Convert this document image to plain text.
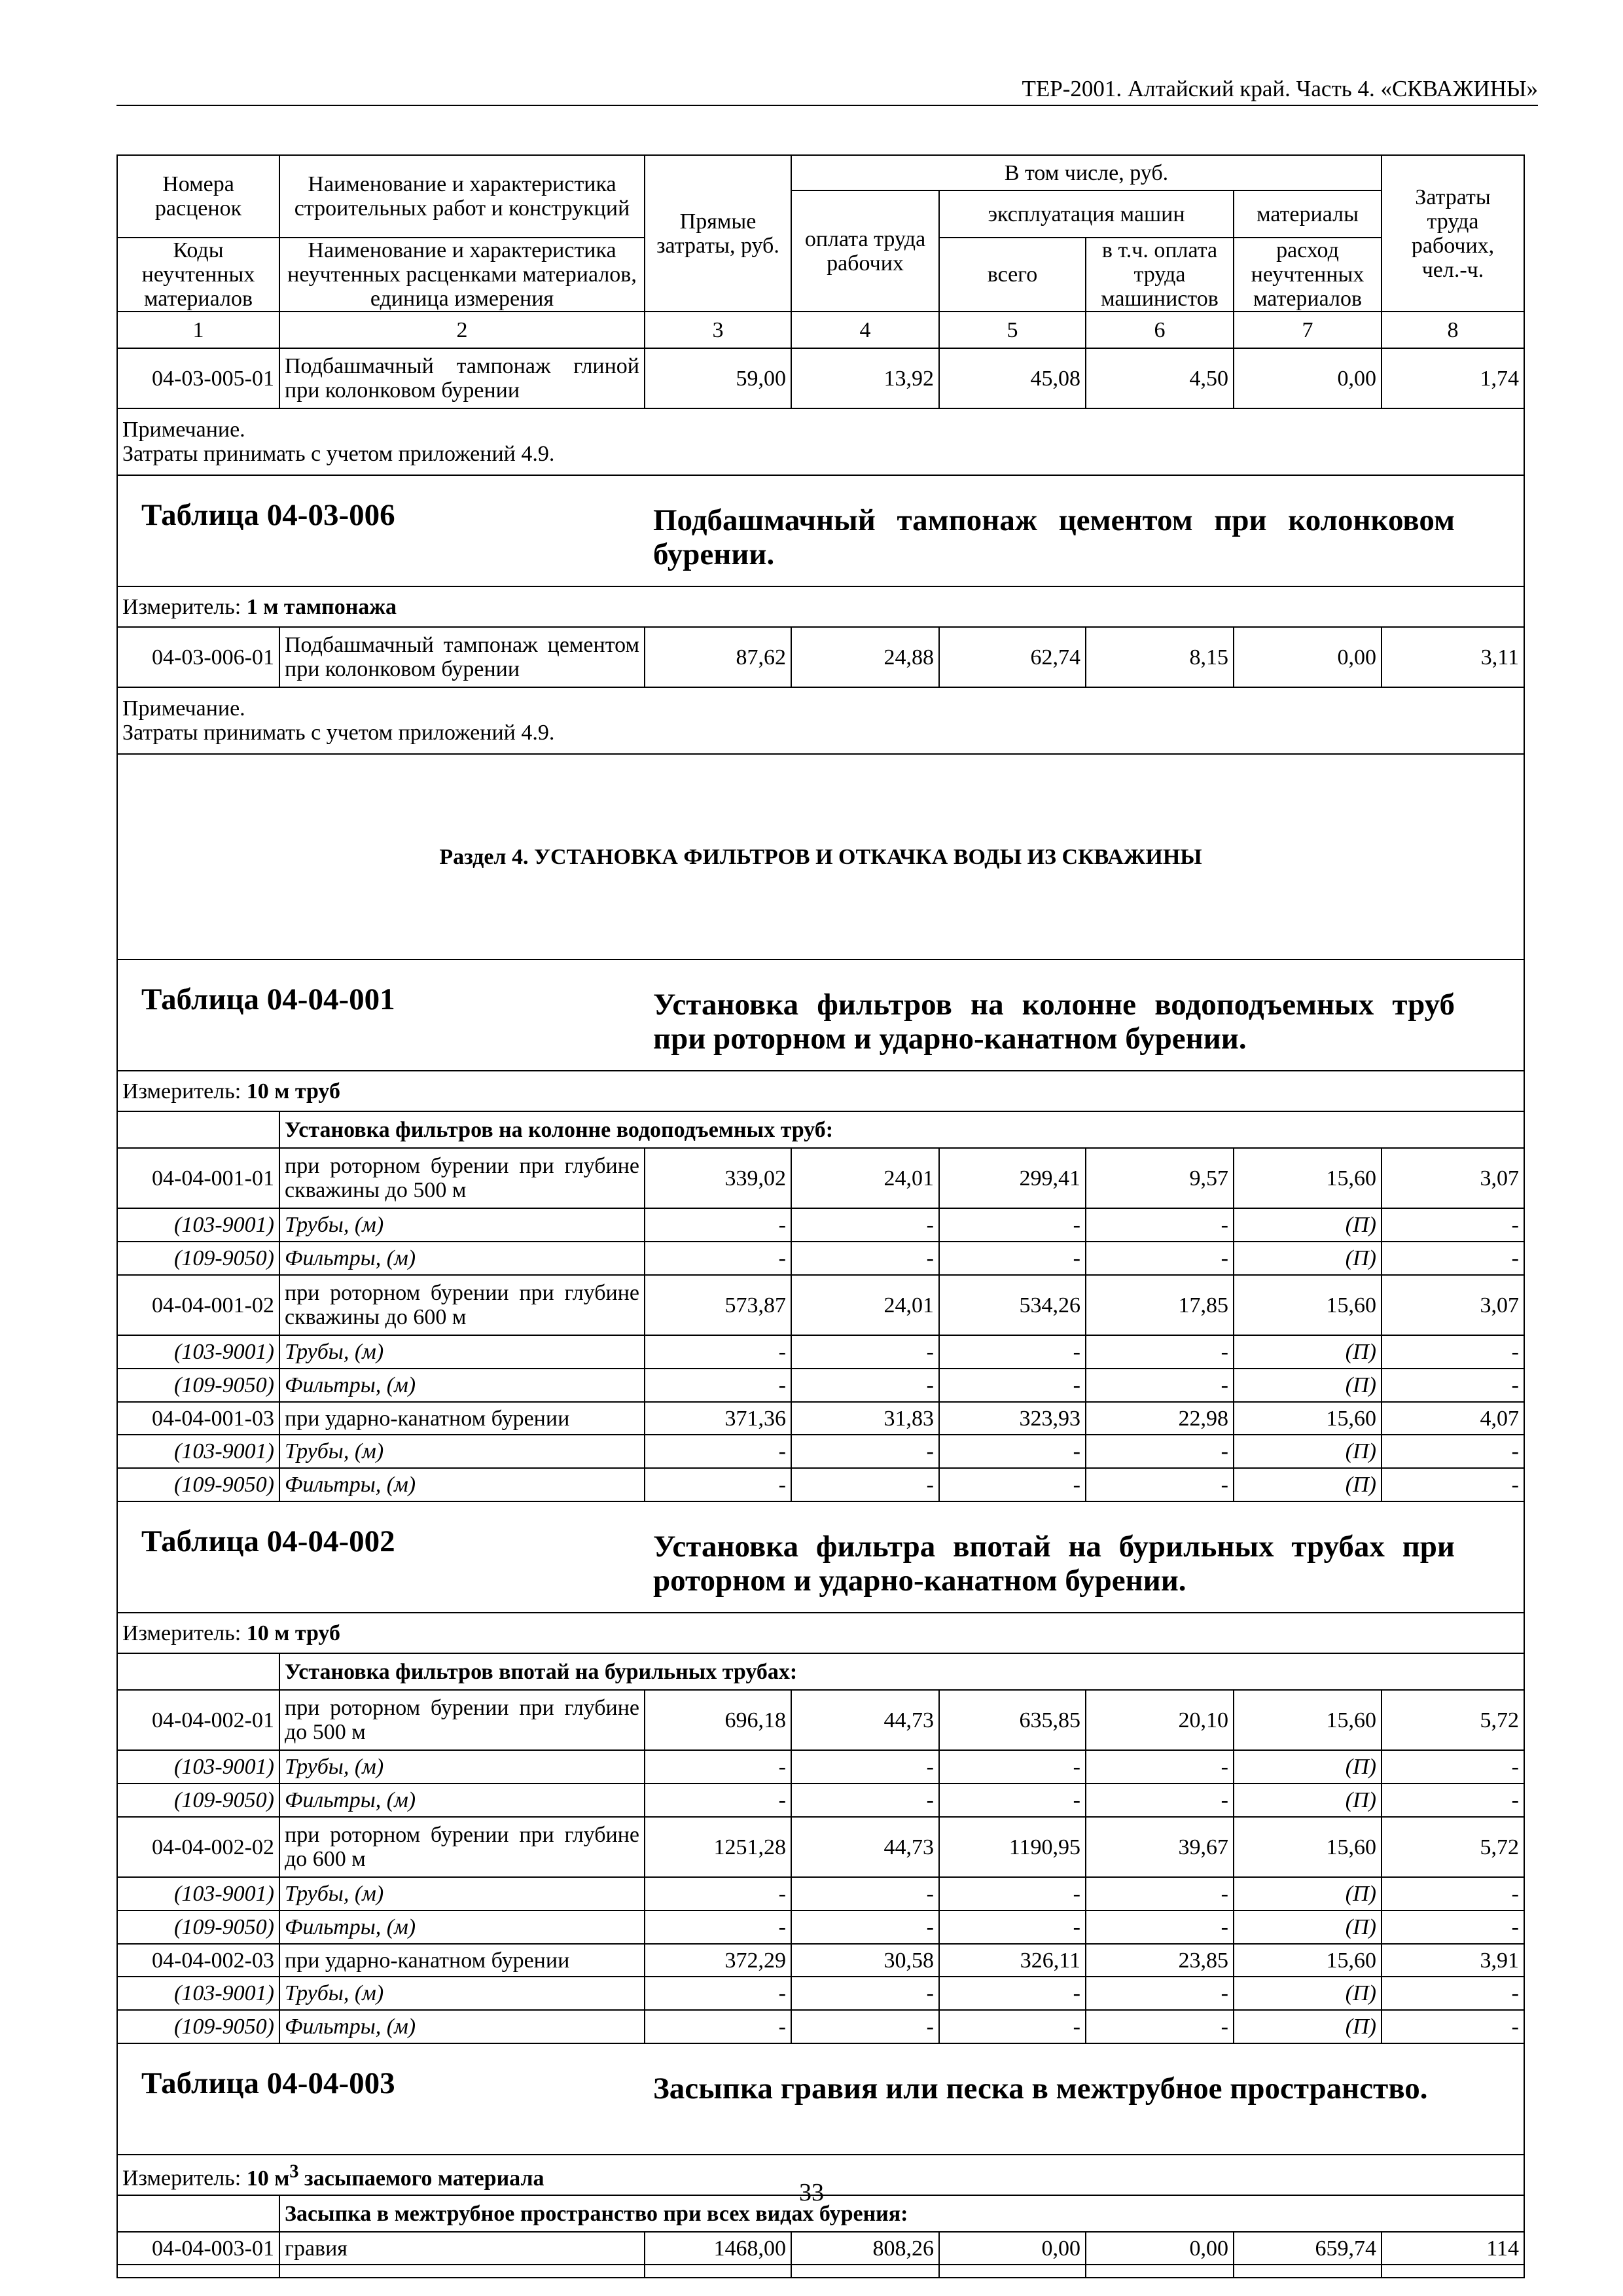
ТЕР-2001. Алтайский край. Часть 4. «СКВАЖИНЫ»
Номера расценок	Наименование и характеристика строительных работ и конструкций	Прямые затраты, руб.	В том числе, руб.				Затраты труда рабочих, чел.-ч.
			оплата труда рабочих	эксплуатация машин		материалы	
Коды неучтенных материалов	Наименование и характеристика неучтенных расценками материалов, единица измерения			всего	в т.ч. оплата труда машинистов	расход неучтенных материалов	
1	2	3	4	5	6	7	8
04-03-005-01	Подбашмачный тампонаж глиной при колонковом бурении	59,00	13,92	45,08	4,50	0,00	1,74

Примечание.
Затраты принимать с учетом приложений 4.9.							

Таблица 04-03-006 Подбашмачный тампонаж цементом при колонковом бурении.							

Измеритель: 1 м тампонажа							
04-03-006-01	Подбашмачный тампонаж цементом при колонковом бурении	87,62	24,88	62,74	8,15	0,00	3,11

Примечание.
Затраты принимать с учетом приложений 4.9.							

Раздел 4. УСТАНОВКА ФИЛЬТРОВ И ОТКАЧКА ВОДЫ ИЗ СКВАЖИНЫ							

Таблица 04-04-001 Установка фильтров на колонне водоподъемных труб при роторном и ударно-канатном бурении.							

Измеритель: 10 м труб							
	Установка фильтров на колонне водоподъемных труб:						
04-04-001-01	при роторном бурении при глубине скважины до 500 м	339,02	24,01	299,41	9,57	15,60	3,07
(103-9001)	Трубы, (м)	-	-	-	-	(П)	-
(109-9050)	Фильтры, (м)	-	-	-	-	(П)	-
04-04-001-02	при роторном бурении при глубине скважины до 600 м	573,87	24,01	534,26	17,85	15,60	3,07
(103-9001)	Трубы, (м)	-	-	-	-	(П)	-
(109-9050)	Фильтры, (м)	-	-	-	-	(П)	-
04-04-001-03	при ударно-канатном бурении	371,36	31,83	323,93	22,98	15,60	4,07
(103-9001)	Трубы, (м)	-	-	-	-	(П)	-
(109-9050)	Фильтры, (м)	-	-	-	-	(П)	-

Таблица 04-04-002 Установка фильтра впотай на бурильных трубах при роторном и ударно-канатном бурении.							

Измеритель: 10 м труб							
	Установка фильтров впотай на бурильных трубах:						
04-04-002-01	при роторном бурении при глубине до 500 м	696,18	44,73	635,85	20,10	15,60	5,72
(103-9001)	Трубы, (м)	-	-	-	-	(П)	-
(109-9050)	Фильтры, (м)	-	-	-	-	(П)	-
04-04-002-02	при роторном бурении при глубине до 600 м	1251,28	44,73	1190,95	39,67	15,60	5,72
(103-9001)	Трубы, (м)	-	-	-	-	(П)	-
(109-9050)	Фильтры, (м)	-	-	-	-	(П)	-
04-04-002-03	при ударно-канатном бурении	372,29	30,58	326,11	23,85	15,60	3,91
(103-9001)	Трубы, (м)	-	-	-	-	(П)	-
(109-9050)	Фильтры, (м)	-	-	-	-	(П)	-

Таблица 04-04-003 Засыпка гравия или песка в межтрубное пространство.							

Измеритель: 10 $м^3$ засыпаемого материала							
	Засыпка в межтрубное пространство при всех видах бурения:						
04-04-003-01	гравия	1468,00	808,26	0,00	0,00	659,74	114

33
